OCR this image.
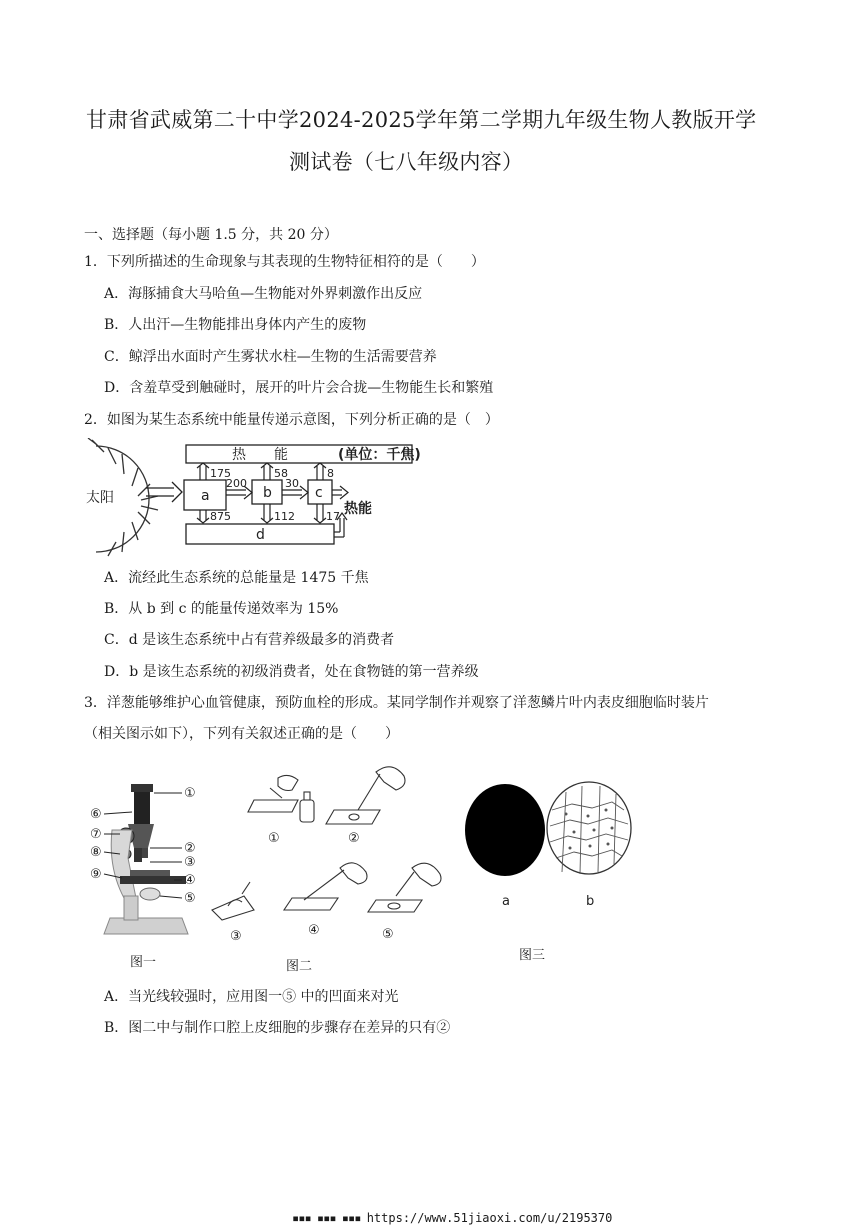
甘肃省武威第二十中学2024-2025学年第二学期九年级生物人教版开学
测试卷（七八年级内容）
一、选择题（每小题 1.5 分，共 20 分）
1．下列所描述的生命现象与其表现的生物特征相符的是（　　）
A．海豚捕食大马哈鱼—生物能对外界刺激作出反应
B．人出汗—生物能排出身体内产生的废物
C．鲸浮出水面时产生雾状水柱—生物的生活需要营养
D．含羞草受到触碰时，展开的叶片会合拢—生物能生长和繁殖
2．如图为某生态系统中能量传递示意图，下列分析正确的是（　）
太阳
热　　能	(单位：千焦)
a	b	c
200	30
175	58	8
875	112	17
d
热能
A．流经此生态系统的总能量是 1475 千焦
B．从 b 到 c 的能量传递效率为 15%
C．d 是该生态系统中占有营养级最多的消费者
D．b 是该生态系统的初级消费者，处在食物链的第一营养级
3．洋葱能够维护心血管健康，预防血栓的形成。某同学制作并观察了洋葱鳞片叶内表皮细胞临时装片
（相关图示如下），下列有关叙述正确的是（　　）
①
②
③
④
⑤
⑥
⑦
⑧
⑨
图一
①	②
③	④	⑤
图二
a	b
图三
A．当光线较强时，应用图一⑤ 中的凹面来对光
B．图二中与制作口腔上皮细胞的步骤存在差异的只有②
▪▪▪ ▪▪▪ ▪▪▪ https://www.51jiaoxi.com/u/2195370
